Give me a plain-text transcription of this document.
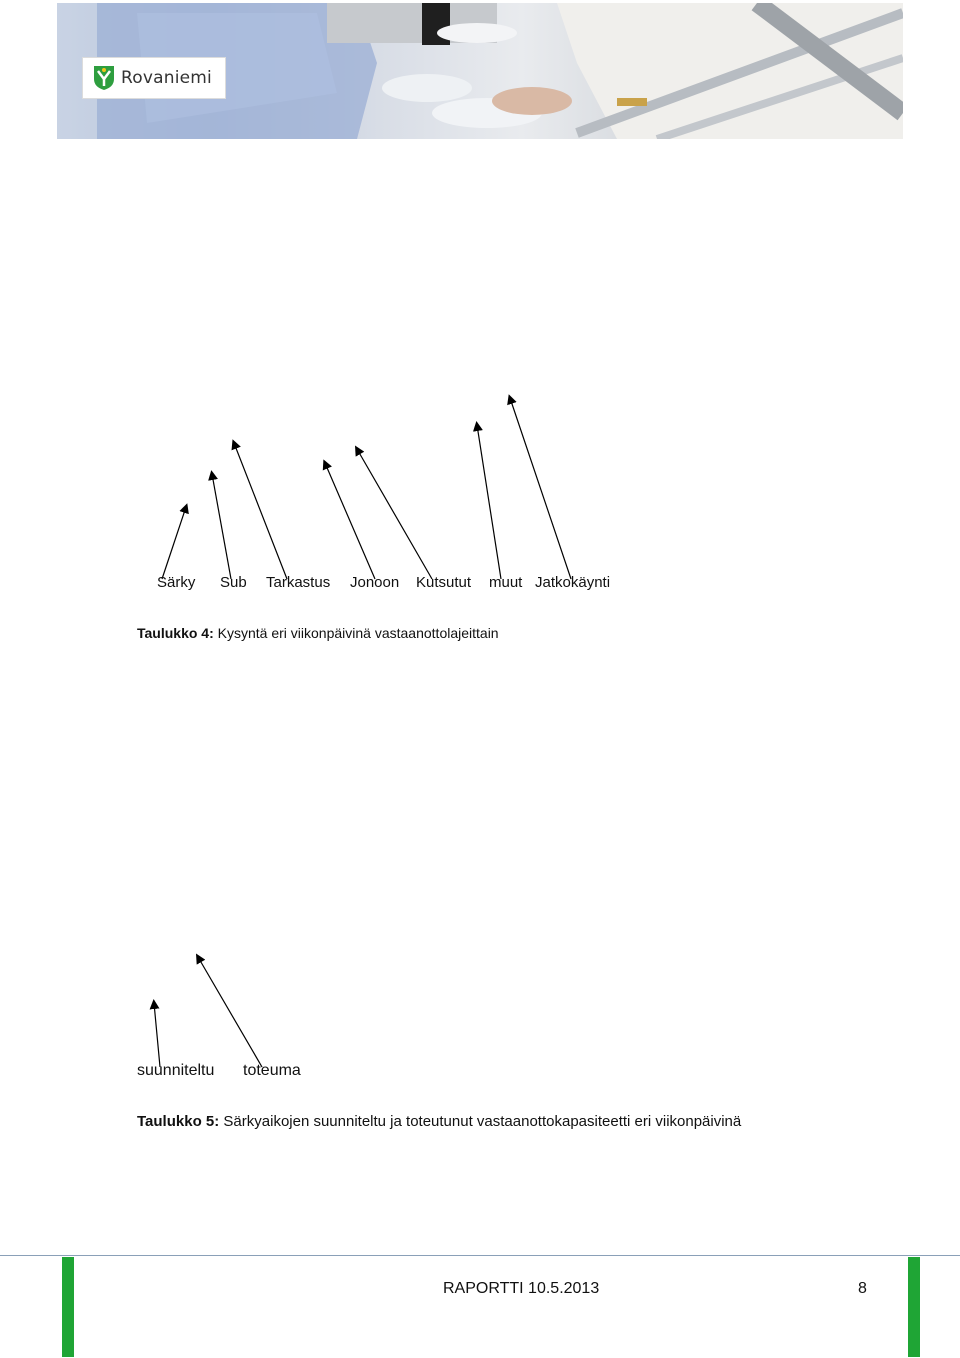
Rovaniemi
Särky Sub Tarkastus Jonoon Kutsutut muut Jatkokäynti
Taulukko 4: Kysyntä eri viikonpäivinä vastaanottolajeittain
suunniteltu toteuma
Taulukko 5: Särkyaikojen suunniteltu ja toteutunut vastaanottokapasiteetti eri viikonpäivinä
RAPORTTI 10.5.2013	8
